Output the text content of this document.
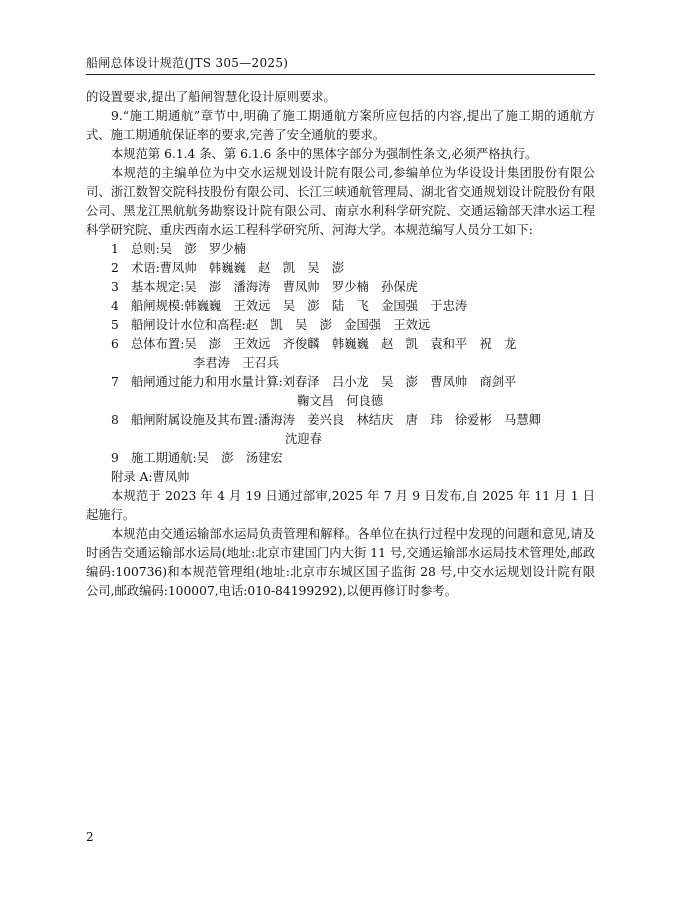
船闸总体设计规范(JTS 305—2025)

的设置要求,提出了船闸智慧化设计原则要求。

9.“施工期通航”章节中,明确了施工期通航方案所应包括的内容,提出了施工期的通航方式、施工期通航保证率的要求,完善了安全通航的要求。

本规范第 6.1.4 条、第 6.1.6 条中的黑体字部分为强制性条文,必须严格执行。

本规范的主编单位为中交水运规划设计院有限公司,参编单位为华设设计集团股份有限公司、浙江数智交院科技股份有限公司、长江三峡通航管理局、湖北省交通规划设计院股份有限公司、黑龙江黑航航务勘察设计院有限公司、南京水利科学研究院、交通运输部天津水运工程科学研究院、重庆西南水运工程科学研究所、河海大学。本规范编写人员分工如下:

1 总则:吴　澎　罗少楠
2 术语:曹凤帅　韩巍巍　赵　凯　吴　澎
3 基本规定:吴　澎　潘海涛　曹凤帅　罗少楠　孙保虎
4 船闸规模:韩巍巍　王效远　吴　澎　陆　飞　金国强　于忠涛
5 船闸设计水位和高程:赵　凯　吴　澎　金国强　王效远
6 总体布置:吴　澎　王效远　齐俊麟　韩巍巍　赵　凯　袁和平　祝　龙
李君涛　王召兵
7 船闸通过能力和用水量计算:刘春泽　吕小龙　吴　澎　曹凤帅　商剑平
鞠文昌　何良德
8 船闸附属设施及其布置:潘海涛　姜兴良　林结庆　唐　玮　徐爱彬　马慧卿
沈迎春
9 施工期通航:吴　澎　汤建宏
附录 A:曹凤帅

本规范于 2023 年 4 月 19 日通过部审,2025 年 7 月 9 日发布,自 2025 年 11 月 1 日起施行。

本规范由交通运输部水运局负责管理和解释。各单位在执行过程中发现的问题和意见,请及时函告交通运输部水运局(地址:北京市建国门内大街 11 号,交通运输部水运局技术管理处,邮政编码:100736)和本规范管理组(地址:北京市东城区国子监街 28 号,中交水运规划设计院有限公司,邮政编码:100007,电话:010-84199292),以便再修订时参考。

2
